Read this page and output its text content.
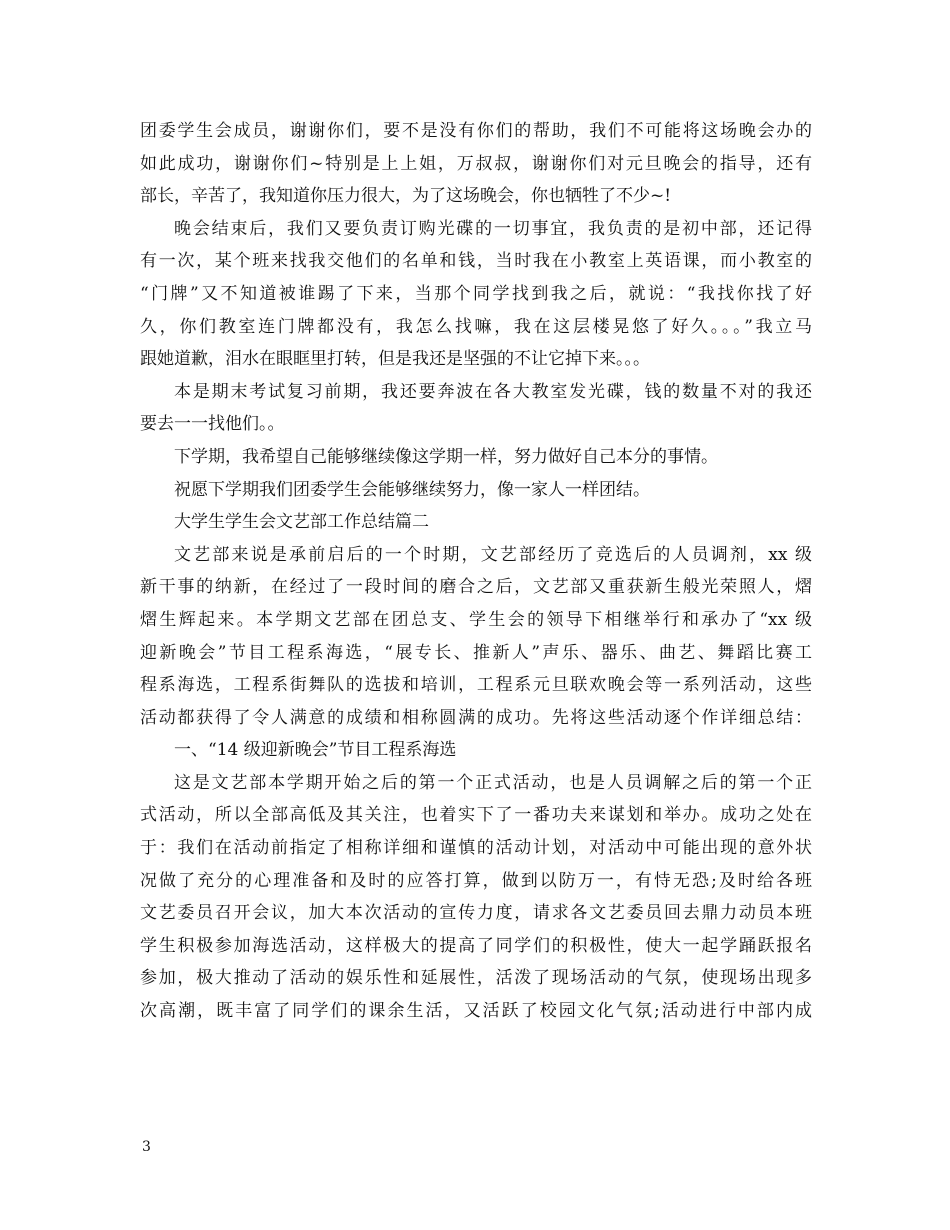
团委学生会成员，谢谢你们，要不是没有你们的帮助，我们不可能将这场晚会办的
如此成功，谢谢你们~特别是上上姐，万叔叔，谢谢你们对元旦晚会的指导，还有
部长，辛苦了，我知道你压力很大，为了这场晚会，你也牺牲了不少~!
晚会结束后，我们又要负责订购光碟的一切事宜，我负责的是初中部，还记得
有一次，某个班来找我交他们的名单和钱，当时我在小教室上英语课，而小教室的
“门牌”又不知道被谁踢了下来，当那个同学找到我之后，就说：“我找你找了好
久，你们教室连门牌都没有，我怎么找嘛，我在这层楼晃悠了好久。。。”我立马
跟她道歉，泪水在眼眶里打转，但是我还是坚强的不让它掉下来。。。
本是期末考试复习前期，我还要奔波在各大教室发光碟，钱的数量不对的我还
要去一一找他们。。
下学期，我希望自己能够继续像这学期一样，努力做好自己本分的事情。
祝愿下学期我们团委学生会能够继续努力，像一家人一样团结。
大学生学生会文艺部工作总结篇二
文艺部来说是承前启后的一个时期，文艺部经历了竞选后的人员调剂，xx 级
新干事的纳新，在经过了一段时间的磨合之后，文艺部又重获新生般光荣照人，熠
熠生辉起来。本学期文艺部在团总支、学生会的领导下相继举行和承办了“xx 级
迎新晚会”节目工程系海选，“展专长、推新人”声乐、器乐、曲艺、舞蹈比赛工
程系海选，工程系街舞队的选拔和培训，工程系元旦联欢晚会等一系列活动，这些
活动都获得了令人满意的成绩和相称圆满的成功。先将这些活动逐个作详细总结：
一、“14 级迎新晚会”节目工程系海选
这是文艺部本学期开始之后的第一个正式活动，也是人员调解之后的第一个正
式活动，所以全部高低及其关注，也着实下了一番功夫来谋划和举办。成功之处在
于：我们在活动前指定了相称详细和谨慎的活动计划，对活动中可能出现的意外状
况做了充分的心理准备和及时的应答打算，做到以防万一，有恃无恐;及时给各班
文艺委员召开会议，加大本次活动的宣传力度，请求各文艺委员回去鼎力动员本班
学生积极参加海选活动，这样极大的提高了同学们的积极性，使大一起学踊跃报名
参加，极大推动了活动的娱乐性和延展性，活泼了现场活动的气氛，使现场出现多
次高潮，既丰富了同学们的课余生活，又活跃了校园文化气氛;活动进行中部内成
3
